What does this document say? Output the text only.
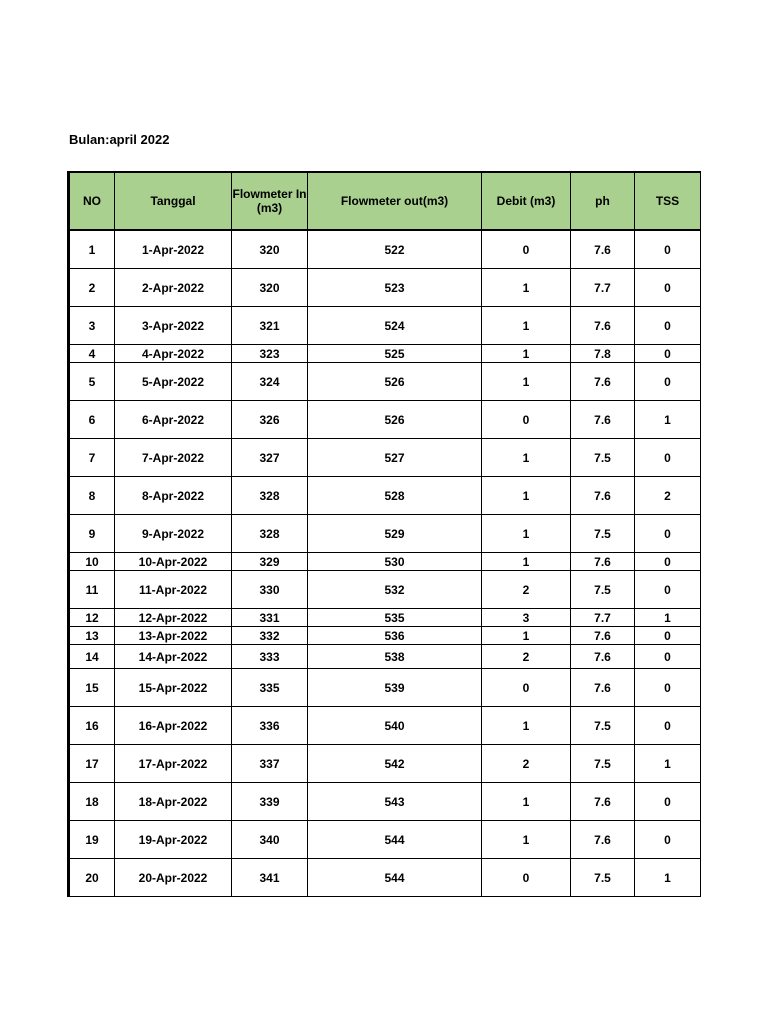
Bulan:april 2022
NO	Tanggal	Flowmeter In (m3)	Flowmeter out(m3)	Debit (m3)	ph	TSS
1	1-Apr-2022	320	522	0	7.6	0
2	2-Apr-2022	320	523	1	7.7	0
3	3-Apr-2022	321	524	1	7.6	0
4	4-Apr-2022	323	525	1	7.8	0
5	5-Apr-2022	324	526	1	7.6	0
6	6-Apr-2022	326	526	0	7.6	1
7	7-Apr-2022	327	527	1	7.5	0
8	8-Apr-2022	328	528	1	7.6	2
9	9-Apr-2022	328	529	1	7.5	0
10	10-Apr-2022	329	530	1	7.6	0
11	11-Apr-2022	330	532	2	7.5	0
12	12-Apr-2022	331	535	3	7.7	1
13	13-Apr-2022	332	536	1	7.6	0
14	14-Apr-2022	333	538	2	7.6	0
15	15-Apr-2022	335	539	0	7.6	0
16	16-Apr-2022	336	540	1	7.5	0
17	17-Apr-2022	337	542	2	7.5	1
18	18-Apr-2022	339	543	1	7.6	0
19	19-Apr-2022	340	544	1	7.6	0
20	20-Apr-2022	341	544	0	7.5	1
